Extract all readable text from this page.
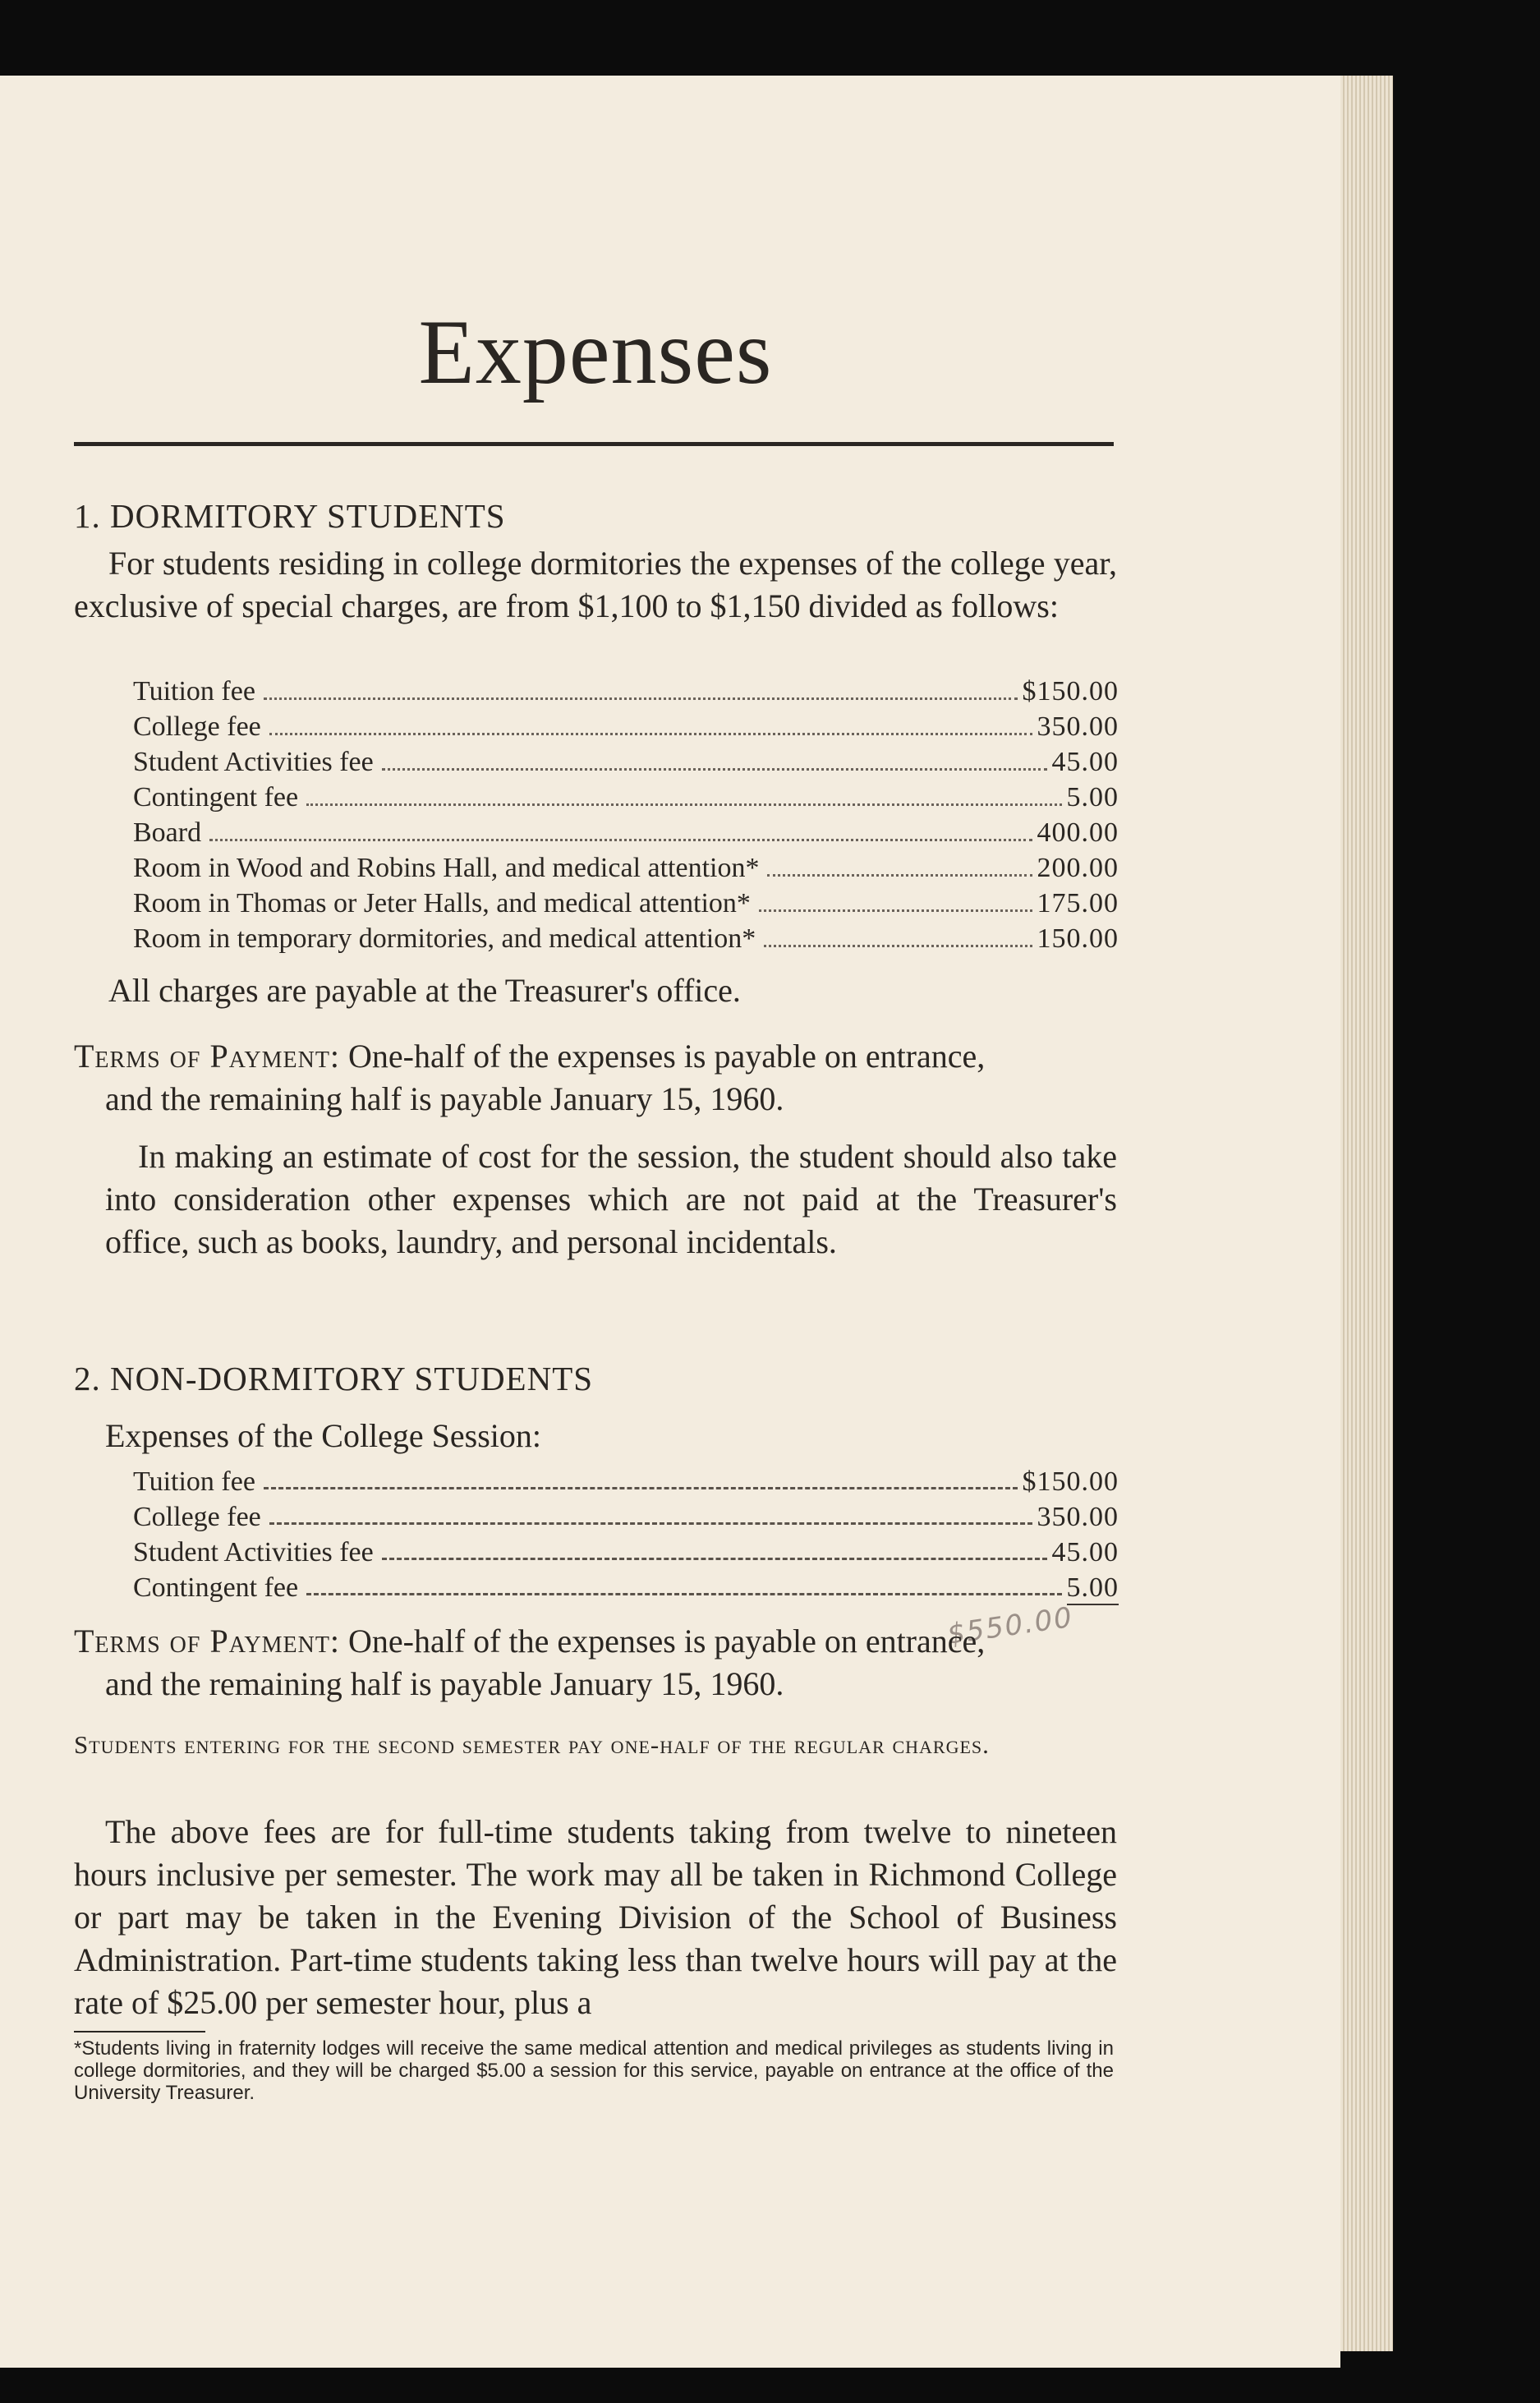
Expenses
1. DORMITORY STUDENTS
For students residing in college dormitories the expenses of the college year, exclusive of special charges, are from $1,100 to $1,150 divided as follows:
Tuition fee	$150.00
College fee	350.00
Student Activities fee	45.00
Contingent fee	5.00
Board	400.00
Room in Wood and Robins Hall, and medical attention*	200.00
Room in Thomas or Jeter Halls, and medical attention*	175.00
Room in temporary dormitories, and medical attention*	150.00
All charges are payable at the Treasurer's office.
Terms of Payment: One-half of the expenses is payable on entrance,
and the remaining half is payable January 15, 1960.
In making an estimate of cost for the session, the student should also take into consideration other expenses which are not paid at the Treasurer's office, such as books, laundry, and personal incidentals.
2. NON-DORMITORY STUDENTS
Expenses of the College Session:
Tuition fee	$150.00
College fee	350.00
Student Activities fee	45.00
Contingent fee	5.00
$550.00
Terms of Payment: One-half of the expenses is payable on entrance,
and the remaining half is payable January 15, 1960.
Students entering for the second semester pay one-half of the regular charges.
The above fees are for full-time students taking from twelve to nineteen hours inclusive per semester. The work may all be taken in Richmond College or part may be taken in the Evening Division of the School of Business Administration. Part-time students taking less than twelve hours will pay at the rate of $25.00 per semester hour, plus a
*Students living in fraternity lodges will receive the same medical attention and medical privileges as students living in college dormitories, and they will be charged $5.00 a session for this service, payable on entrance at the office of the University Treasurer.
